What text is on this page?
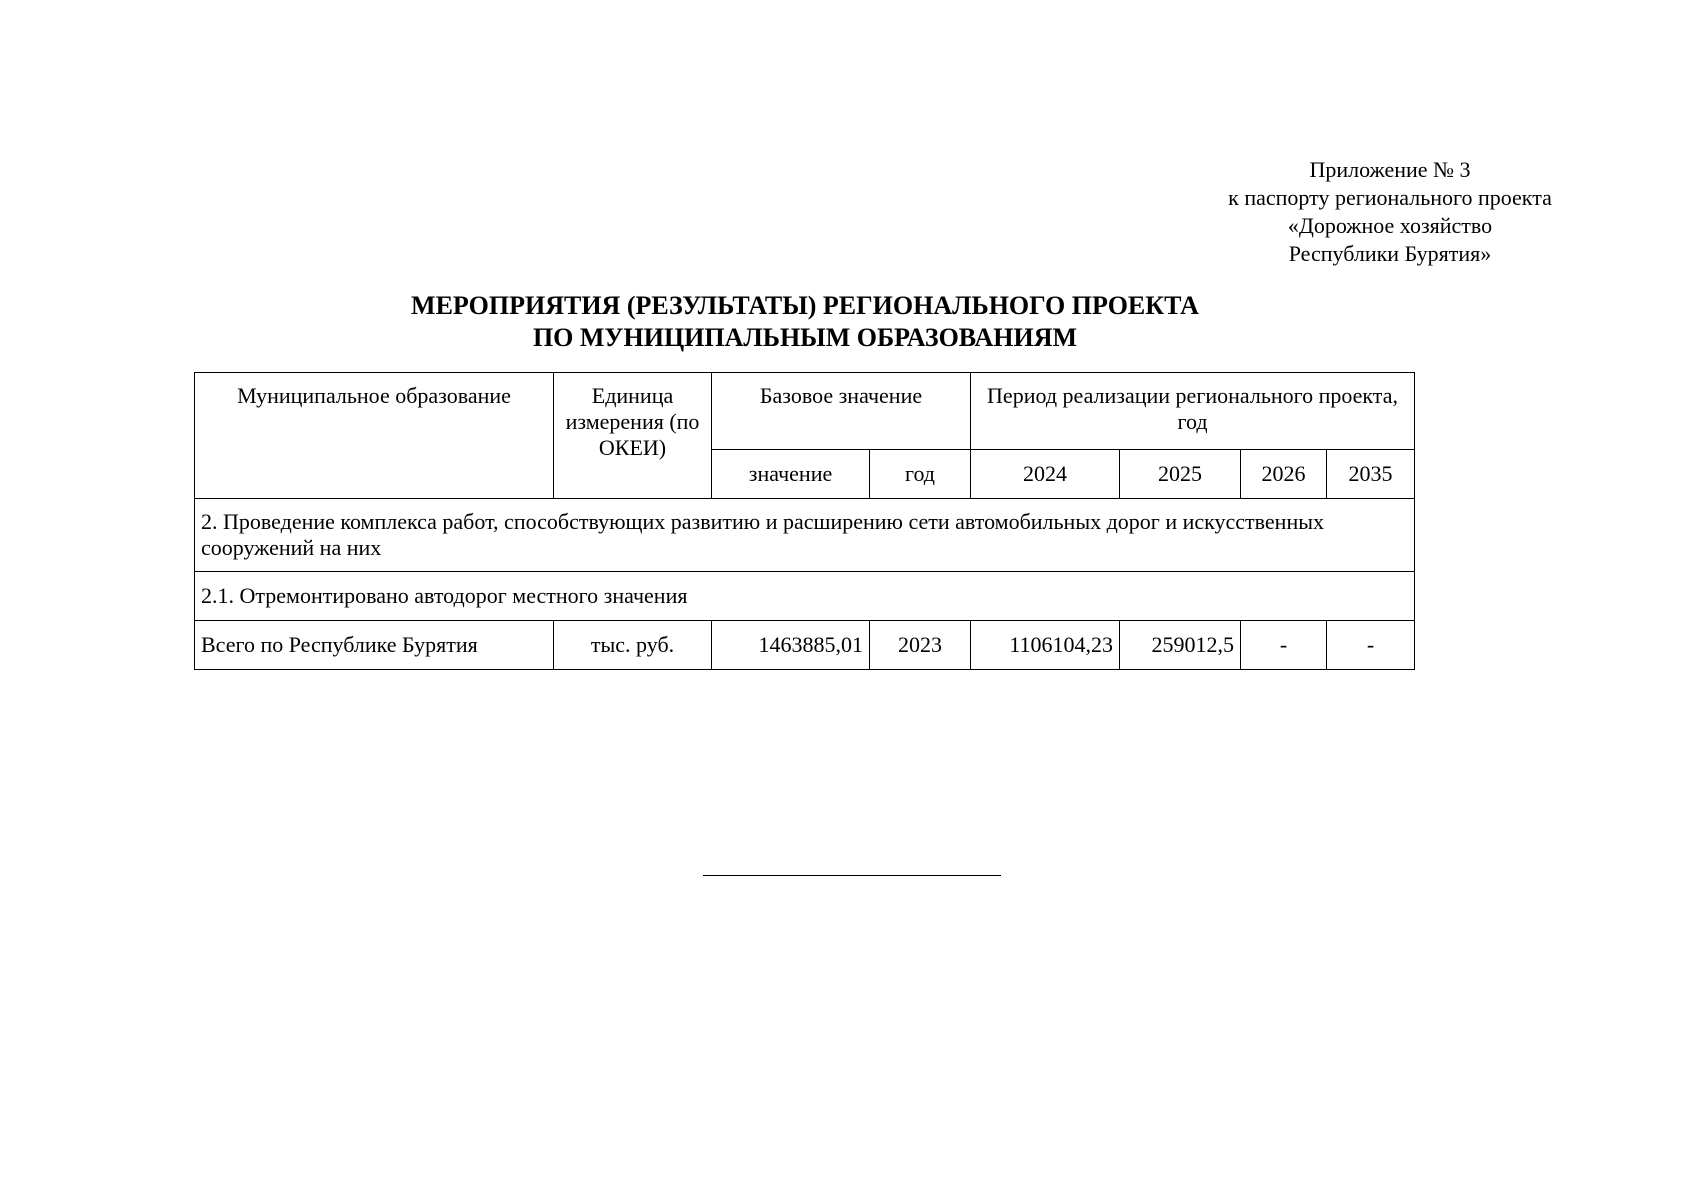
Приложение № 3
к паспорту регионального проекта
«Дорожное хозяйство
Республики Бурятия»
МЕРОПРИЯТИЯ (РЕЗУЛЬТАТЫ) РЕГИОНАЛЬНОГО ПРОЕКТА
ПО МУНИЦИПАЛЬНЫМ ОБРАЗОВАНИЯМ
Муниципальное образование	Единица измерения (по ОКЕИ)	Базовое значение		Период реализации регионального проекта, год			
		значение	год	2024	2025	2026	2035
2. Проведение комплекса работ, способствующих развитию и расширению сети автомобильных дорог и искусственных сооружений на них							
2.1. Отремонтировано автодорог местного значения							
Всего по Республике Бурятия	тыс. руб.	1463885,01	2023	1106104,23	259012,5	-	-
